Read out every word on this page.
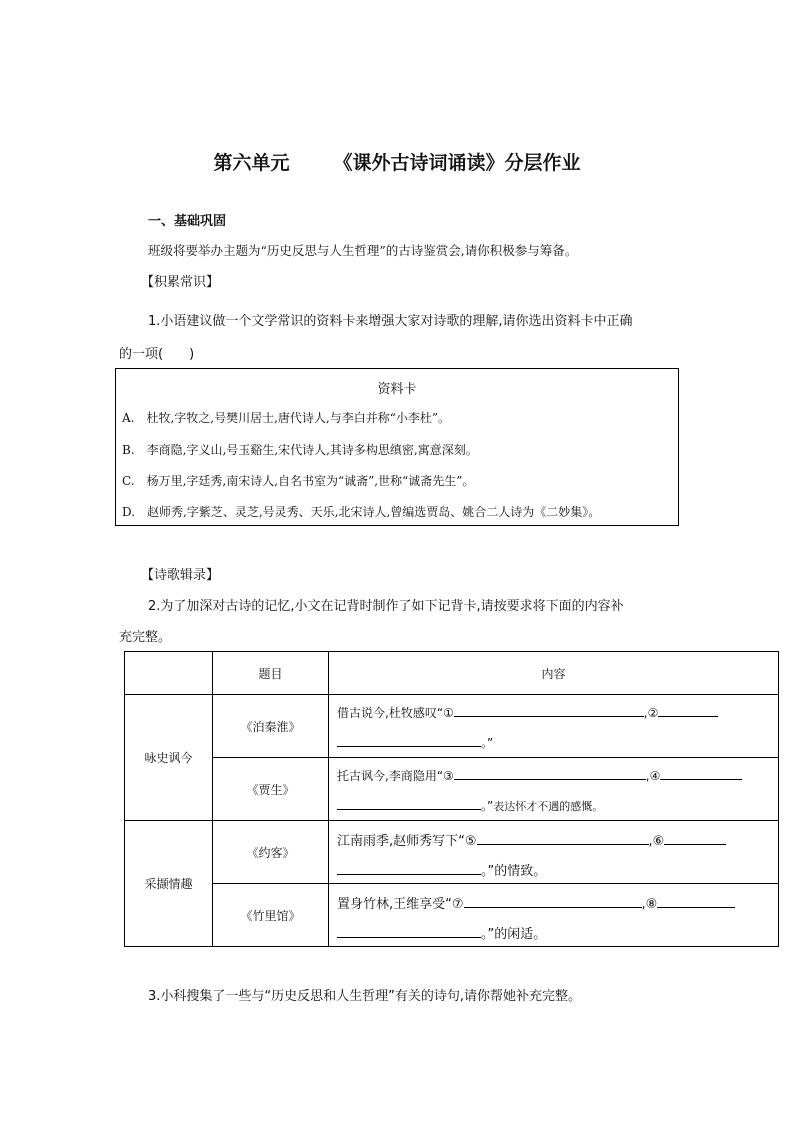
第六单元 《课外古诗词诵读》分层作业
一、基础巩固
班级将要举办主题为“历史反思与人生哲理”的古诗鉴赏会,请你积极参与筹备。
【积累常识】
1.小语建议做一个文学常识的资料卡来增强大家对诗歌的理解,请你选出资料卡中正确
的一项(　　)
资料卡
A.　杜牧,字牧之,号樊川居士,唐代诗人,与李白并称“小李杜”。
B.　李商隐,字义山,号玉谿生,宋代诗人,其诗多构思缜密,寓意深刻。
C.　杨万里,字廷秀,南宋诗人,自名书室为“诚斋”,世称“诚斋先生”。
D.　赵师秀,字紫芝、灵芝,号灵秀、天乐,北宋诗人,曾编选贾岛、姚合二人诗为《二妙集》。
【诗歌辑录】
2.为了加深对古诗的记忆,小文在记背时制作了如下记背卡,请按要求将下面的内容补
充完整。
	题目	内容
咏史讽今	《泊秦淮》	借古说今,杜牧感叹“① ,②
。”

	《贾生》	托古讽今,李商隐用“③ ,④
。”表达怀才不遇的感慨。

采撷情趣	《约客》	江南雨季,赵师秀写下“⑤ ,⑥
。”的情致。

	《竹里馆》	置身竹林,王维享受“⑦ ,⑧
。”的闲适。
3.小科搜集了一些与“历史反思和人生哲理”有关的诗句,请你帮她补充完整。
